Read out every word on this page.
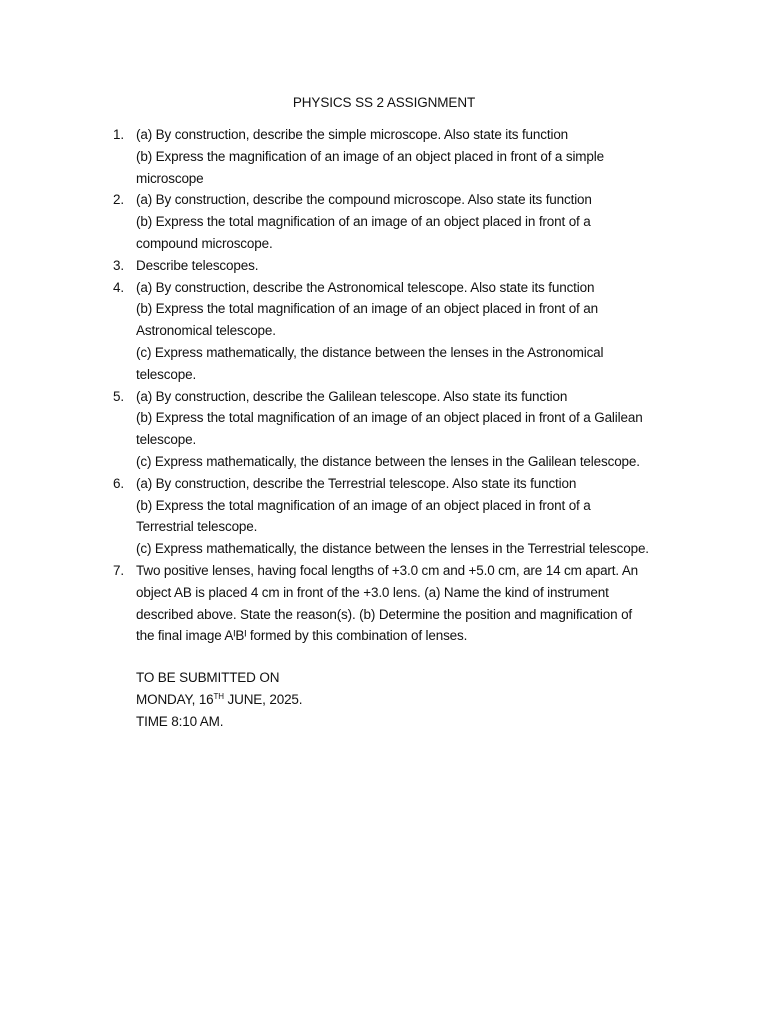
PHYSICS SS 2 ASSIGNMENT
1. (a) By construction, describe the simple microscope. Also state its function
(b) Express the magnification of an image of an object placed in front of a simple
microscope
2. (a) By construction, describe the compound microscope. Also state its function
(b) Express the total magnification of an image of an object placed in front of a
compound microscope.
3. Describe telescopes.
4. (a) By construction, describe the Astronomical telescope. Also state its function
(b) Express the total magnification of an image of an object placed in front of an
Astronomical telescope.
(c) Express mathematically, the distance between the lenses in the Astronomical
telescope.
5. (a) By construction, describe the Galilean telescope. Also state its function
(b) Express the total magnification of an image of an object placed in front of a Galilean
telescope.
(c) Express mathematically, the distance between the lenses in the Galilean telescope.
6. (a) By construction, describe the Terrestrial telescope. Also state its function
(b) Express the total magnification of an image of an object placed in front of a
Terrestrial telescope.
(c) Express mathematically, the distance between the lenses in the Terrestrial telescope.
7. Two positive lenses, having focal lengths of +3.0 cm and +5.0 cm, are 14 cm apart. An
object AB is placed 4 cm in front of the +3.0 lens. (a) Name the kind of instrument
described above. State the reason(s). (b) Determine the position and magnification of
the final image AᴵBᴵ formed by this combination of lenses.
TO BE SUBMITTED ON
MONDAY, 16TH JUNE, 2025.
TIME 8:10 AM.
